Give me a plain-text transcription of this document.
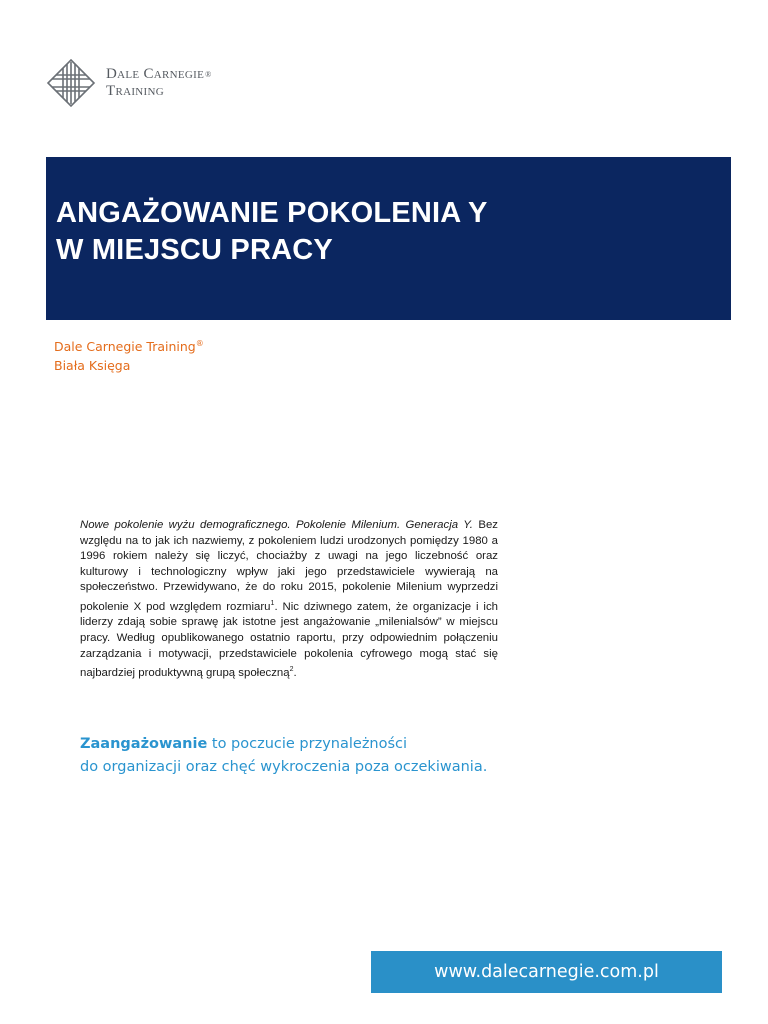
Dale Carnegie®
Training
ANGAŻOWANIE POKOLENIA Y
W MIEJSCU PRACY
Dale Carnegie Training®
Biała Księga
Nowe pokolenie wyżu demograficznego. Pokolenie Milenium. Generacja Y. Bez względu na to jak ich nazwiemy, z pokoleniem ludzi urodzonych pomiędzy 1980 a 1996 rokiem należy się liczyć, chociażby z uwagi na jego liczebność oraz kulturowy i technologiczny wpływ jaki jego przedstawiciele wywierają na społeczeństwo. Przewidywano, że do roku 2015, pokolenie Milenium wyprzedzi pokolenie X pod względem rozmiaru$^1$. Nic dziwnego zatem, że organizacje i ich liderzy zdają sobie sprawę jak istotne jest angażowanie „milenialsów” w miejscu pracy. Według opublikowanego ostatnio raportu, przy odpowiednim połączeniu zarządzania i motywacji, przedstawiciele pokolenia cyfrowego mogą stać się najbardziej produktywną grupą społeczną$^2$.
Zaangażowanie to poczucie przynależności
do organizacji oraz chęć wykroczenia poza oczekiwania.
www.dalecarnegie.com.pl
